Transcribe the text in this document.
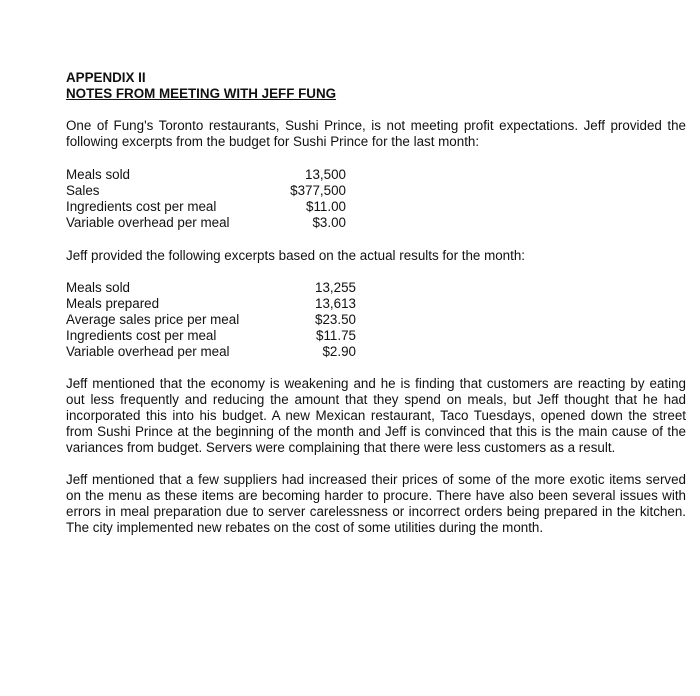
APPENDIX II

NOTES FROM MEETING WITH JEFF FUNG

One of Fung's Toronto restaurants, Sushi Prince, is not meeting profit expectations. Jeff provided the following excerpts from the budget for Sushi Prince for the last month:

Meals sold	13,500
Sales	$377,500
Ingredients cost per meal	$11.00
Variable overhead per meal	$3.00

Jeff provided the following excerpts based on the actual results for the month:

Meals sold	13,255
Meals prepared	13,613
Average sales price per meal	$23.50
Ingredients cost per meal	$11.75
Variable overhead per meal	$2.90

Jeff mentioned that the economy is weakening and he is finding that customers are reacting by eating out less frequently and reducing the amount that they spend on meals, but Jeff thought that he had incorporated this into his budget. A new Mexican restaurant, Taco Tuesdays, opened down the street from Sushi Prince at the beginning of the month and Jeff is convinced that this is the main cause of the variances from budget. Servers were complaining that there were less customers as a result.

Jeff mentioned that a few suppliers had increased their prices of some of the more exotic items served on the menu as these items are becoming harder to procure. There have also been several issues with errors in meal preparation due to server carelessness or incorrect orders being prepared in the kitchen. The city implemented new rebates on the cost of some utilities during the month.
